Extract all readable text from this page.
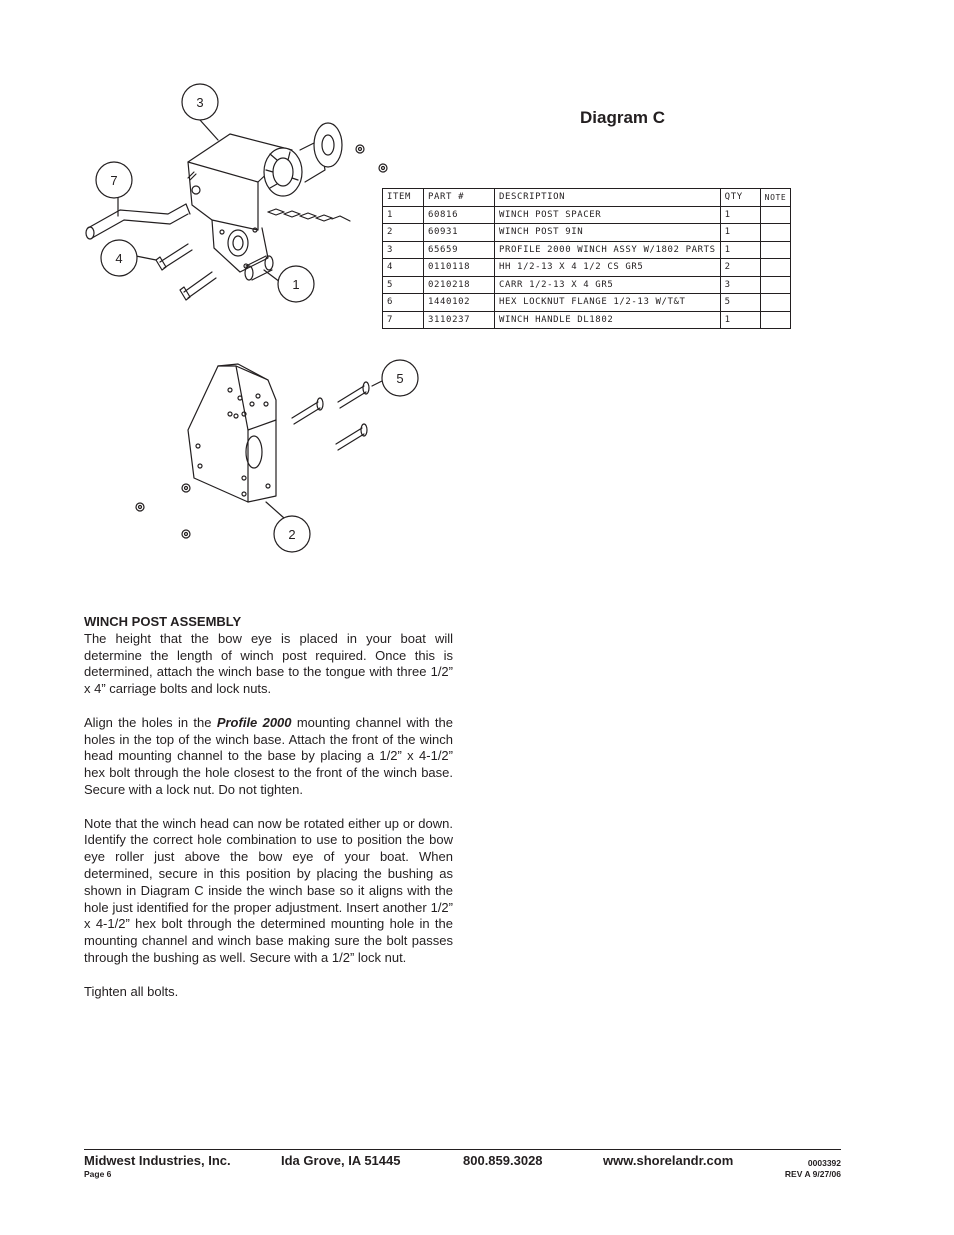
Diagram C
3
7
4
1
5
2
ITEM	PART #	DESCRIPTION	QTY	NOTE
1	60816	WINCH POST SPACER	1	
2	60931	WINCH POST 9IN	1	
3	65659	PROFILE 2000 WINCH ASSY W/1802 PARTS	1	
4	0110118	HH 1/2-13 X 4 1/2 CS GR5	2	
5	0210218	CARR 1/2-13 X 4 GR5	3	
6	1440102	HEX LOCKNUT FLANGE 1/2-13 W/T&T	5	
7	3110237	WINCH HANDLE DL1802	1	
WINCH POST ASSEMBLY

The height that the bow eye is placed in your boat will determine the length of winch post required. Once this is determined, attach the winch base to the tongue with three 1/2” x 4” carriage bolts and lock nuts.

Align the holes in the Profile 2000 mounting channel with the holes in the top of the winch base. Attach the front of the winch head mounting channel to the base by placing a 1/2” x 4-1/2” hex bolt through the hole closest to the front of the winch base. Secure with a lock nut. Do not tighten.

Note that the winch head can now be rotated either up or down. Identify the correct hole combination to use to position the bow eye roller just above the bow eye of your boat. When determined, secure in this position by placing the bushing as shown in Diagram C inside the winch base so it aligns with the hole just identified for the proper adjustment. Insert another 1/2” x 4-1/2” hex bolt through the determined mounting hole in the mounting channel and winch base making sure the bolt passes through the bushing as well. Secure with a 1/2” lock nut.

Tighten all bolts.

Midwest Industries, Inc.	Ida Grove, IA 51445	800.859.3028	www.shorelandr.com
Page 6
0003392
REV A 9/27/06
